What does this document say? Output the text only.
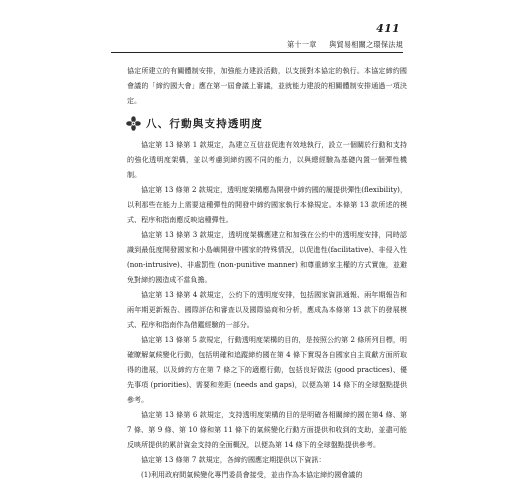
411
第十一章 與貿易相關之環保法規

協定所建立的有關體制安排，加強能力建設活動，以支援對本協定的執行。本協定締約國會議的「締約國大會」應在第一屆會議上審議，並就能力建設的相關體制安排通過一項決定。

八、行動與支持透明度

協定第 13 條第 1 款規定，為建立互信並促進有效地執行，設立一個關於行動和支持的強化透明度架構，並以考慮到締約國不同的能力，以與總經驗為基礎內置一個彈性機制。

協定第 13 條第 2 款規定，透明度架構應為開發中締約國的履提供彈性(flexibility)，以利那些在能力上需要這種彈性的開發中締約國家執行本條規定。本條第 13 款所述的模式、程序和指南應反映這種彈性。

協定第 13 條第 3 款規定，透明度架構應建立和加強在公約中的透明度安排，同時認識到最低度開發國家和小島嶼開發中國家的特殊情況，以促進性(facilitative)、非侵入性 (non-intrusive)、非處罰性 (non-punitive manner) 和尊重締家主權的方式實施，並避免對締約國造成不當負擔。

協定第 13 條第 4 款規定，公約下的透明度安排，包括國家資訊通報、兩年期報告和兩年期更新報告、國際評估和審查以及國際協商和分析，應成為本條第 13 款下的發展模式、程序和指南作為借鑑經驗的一部分。

協定第 13 條第 5 款規定，行動透明度架構的目的，是按照公約第 2 條所列目標，明確瞭解氣候變化行動，包括明確和追蹤締約國在第 4 條下實現各自國家自主貢獻方面所取得的進展，以及締約方在第 7 條之下的適應行動，包括良好做法 (good practices)、優先事項 (priorities)、需要和差距 (needs and gaps)，以便為第 14 條下的全球盤點提供參考。

協定第 13 條第 6 款規定，支持透明度架構的目的是明確各相關締約國在第4 條、第 7 條、第 9 條、第 10 條和第 11 條下的氣候變化行動方面提供和收到的支助，並盡可能反映所提供的累計資金支持的全面概況，以便為第 14 條下的全球盤點提供參考。

協定第 13 條第 7 款規定，各締約國應定期提供以下資訊：

(1)利用政府間氣候變化專門委員會接受，並由作為本協定締約國會議的
